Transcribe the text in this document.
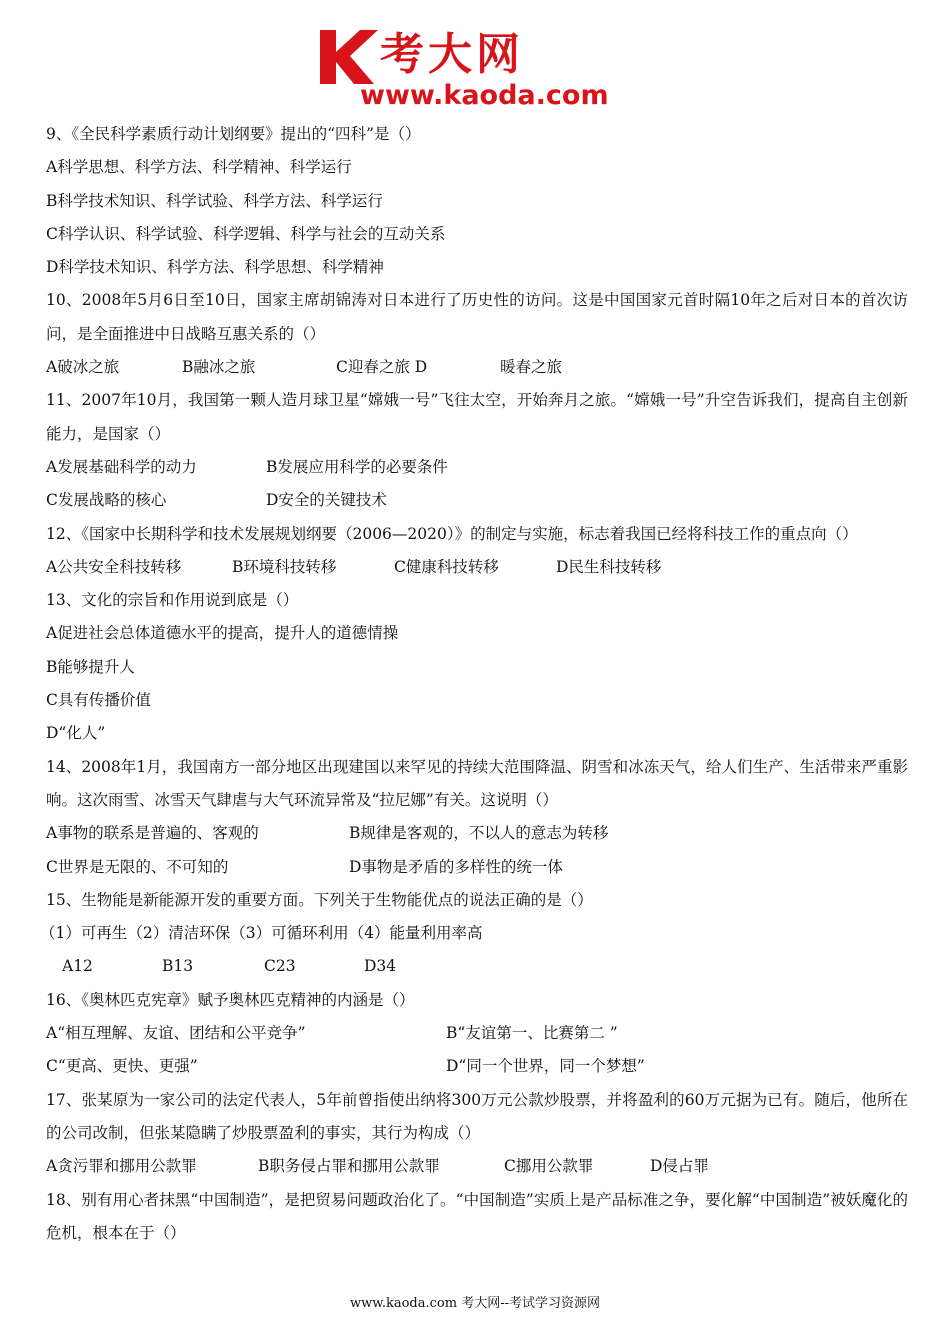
考大网
www.kaoda.com
9、《全民科学素质行动计划纲要》提出的“四科”是（）
A科学思想、科学方法、科学精神、科学运行
B科学技术知识、科学试验、科学方法、科学运行
C科学认识、科学试验、科学逻辑、科学与社会的互动关系
D科学技术知识、科学方法、科学思想、科学精神
10、2008年5月6日至10日，国家主席胡锦涛对日本进行了历史性的访问。这是中国国家元首时隔10年之后对日本的首次访问，是全面推进中日战略互惠关系的（）
A破冰之旅	B融冰之旅	C迎春之旅 D	暖春之旅
11、2007年10月，我国第一颗人造月球卫星“嫦娥一号”飞往太空，开始奔月之旅。“嫦娥一号”升空告诉我们，提高自主创新能力，是国家（）
A发展基础科学的动力	B发展应用科学的必要条件
C发展战略的核心	D安全的关键技术
12、《国家中长期科学和技术发展规划纲要（2006—2020）》的制定与实施，标志着我国已经将科技工作的重点向（）
A公共安全科技转移	B环境科技转移	C健康科技转移	D民生科技转移
13、文化的宗旨和作用说到底是（）
A促进社会总体道德水平的提高，提升人的道德情操
B能够提升人
C具有传播价值
D“化人”
14、2008年1月，我国南方一部分地区出现建国以来罕见的持续大范围降温、阴雪和冰冻天气，给人们生产、生活带来严重影响。这次雨雪、冰雪天气肆虐与大气环流异常及“拉尼娜”有关。这说明（）
A事物的联系是普遍的、客观的	B规律是客观的，不以人的意志为转移
C世界是无限的、不可知的	D事物是矛盾的多样性的统一体
15、生物能是新能源开发的重要方面。下列关于生物能优点的说法正确的是（）
（1）可再生（2）清洁环保（3）可循环利用（4）能量利用率高
A12	B13	C23	D34
16、《奥林匹克宪章》赋予奥林匹克精神的内涵是（）
A“相互理解、友谊、团结和公平竞争”	B“友谊第一、比赛第二 ”
C“更高、更快、更强”	D“同一个世界，同一个梦想”
17、张某原为一家公司的法定代表人，5年前曾指使出纳将300万元公款炒股票，并将盈利的60万元据为已有。随后，他所在的公司改制，但张某隐瞒了炒股票盈利的事实，其行为构成（）
A贪污罪和挪用公款罪	B职务侵占罪和挪用公款罪	C挪用公款罪	D侵占罪
18、别有用心者抹黑“中国制造”，是把贸易问题政治化了。“中国制造”实质上是产品标准之争，要化解“中国制造”被妖魔化的危机，根本在于（）
www.kaoda.com 考大网--考试学习资源网
